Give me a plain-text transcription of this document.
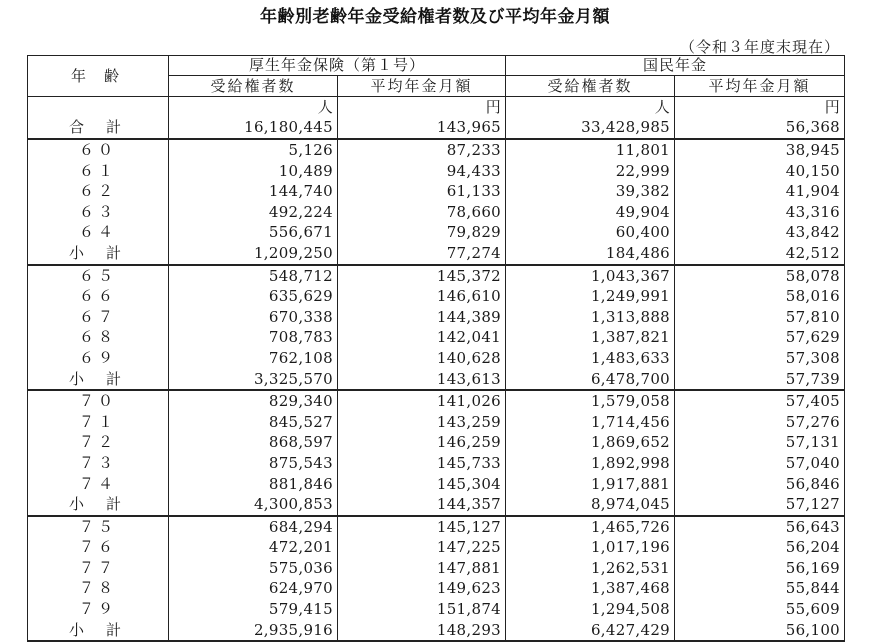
年齢別老齢年金受給権者数及び平均年金月額
（令和３年度末現在）
年齢	厚生年金保険（第１号）		国民年金	
	受給権者数	平均年金月額	受給権者数	平均年金月額
	人	円	人	円
合計	16,180,445	143,965	33,428,985	56,368
６０	5,126	87,233	11,801	38,945
６１	10,489	94,433	22,999	40,150
６２	144,740	61,133	39,382	41,904
６３	492,224	78,660	49,904	43,316
６４	556,671	79,829	60,400	43,842
小計	1,209,250	77,274	184,486	42,512
６５	548,712	145,372	1,043,367	58,078
６６	635,629	146,610	1,249,991	58,016
６７	670,338	144,389	1,313,888	57,810
６８	708,783	142,041	1,387,821	57,629
６９	762,108	140,628	1,483,633	57,308
小計	3,325,570	143,613	6,478,700	57,739
７０	829,340	141,026	1,579,058	57,405
７１	845,527	143,259	1,714,456	57,276
７２	868,597	146,259	1,869,652	57,131
７３	875,543	145,733	1,892,998	57,040
７４	881,846	145,304	1,917,881	56,846
小計	4,300,853	144,357	8,974,045	57,127
７５	684,294	145,127	1,465,726	56,643
７６	472,201	147,225	1,017,196	56,204
７７	575,036	147,881	1,262,531	56,169
７８	624,970	149,623	1,387,468	55,844
７９	579,415	151,874	1,294,508	55,609
小計	2,935,916	148,293	6,427,429	56,100
